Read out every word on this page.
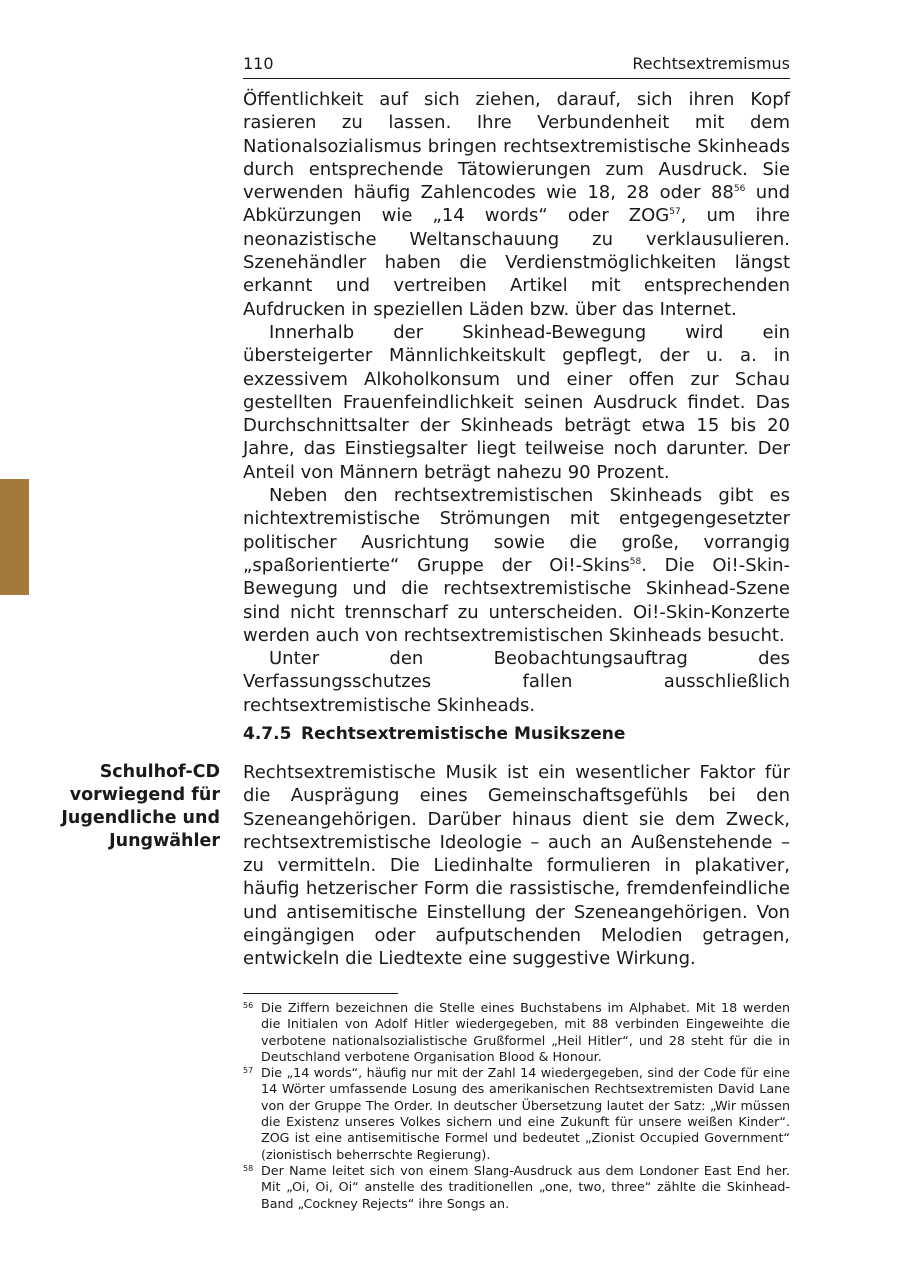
110	Rechtsextremismus

Öffentlichkeit auf sich ziehen, darauf, sich ihren Kopf rasieren zu lassen. Ihre Verbundenheit mit dem Nationalsozialismus bringen rechtsextremistische Skinheads durch entsprechende Tätowierungen zum Ausdruck. Sie verwenden häufig Zahlencodes wie 18, 28 oder $88^{56}$ und Abkürzungen wie „14 words“ oder ZOG$^{57}$, um ihre neonazistische Weltanschauung zu verklausulieren. Szenehändler haben die Verdienstmöglichkeiten längst erkannt und vertreiben Artikel mit entsprechenden Aufdrucken in speziellen Läden bzw. über das Internet.

Innerhalb der Skinhead-Bewegung wird ein übersteigerter Männlichkeitskult gepflegt, der u. a. in exzessivem Alkoholkonsum und einer offen zur Schau gestellten Frauenfeindlichkeit seinen Ausdruck findet. Das Durchschnittsalter der Skinheads beträgt etwa 15 bis 20 Jahre, das Einstiegsalter liegt teilweise noch darunter. Der Anteil von Männern beträgt nahezu 90 Prozent.

Neben den rechtsextremistischen Skinheads gibt es nichtextremistische Strömungen mit entgegengesetzter politischer Ausrichtung sowie die große, vorrangig „spaßorientierte“ Gruppe der Oi!-Skins$^{58}$. Die Oi!-Skin-Bewegung und die rechtsextremistische Skinhead-Szene sind nicht trennscharf zu unterscheiden. Oi!-Skin-Konzerte werden auch von rechtsextremistischen Skinheads besucht.

Unter den Beobachtungsauftrag des Verfassungsschutzes fallen ausschließlich rechtsextremistische Skinheads.

4.7.5 Rechtsextremistische Musikszene
Schulhof-CD vorwiegend für Jugendliche und Jungwähler

Rechtsextremistische Musik ist ein wesentlicher Faktor für die Ausprägung eines Gemeinschaftsgefühls bei den Szeneangehörigen. Darüber hinaus dient sie dem Zweck, rechtsextremistische Ideologie – auch an Außenstehende – zu vermitteln. Die Liedinhalte formulieren in plakativer, häufig hetzerischer Form die rassistische, fremdenfeindliche und antisemitische Einstellung der Szeneangehörigen. Von eingängigen oder aufputschenden Melodien getragen, entwickeln die Liedtexte eine suggestive Wirkung.

56 Die Ziffern bezeichnen die Stelle eines Buchstabens im Alphabet. Mit 18 werden die Initialen von Adolf Hitler wiedergegeben, mit 88 verbinden Eingeweihte die verbotene nationalsozialistische Grußformel „Heil Hitler“, und 28 steht für die in Deutschland verbotene Organisation Blood & Honour.
57 Die „14 words“, häufig nur mit der Zahl 14 wiedergegeben, sind der Code für eine 14 Wörter umfassende Losung des amerikanischen Rechtsextremisten David Lane von der Gruppe The Order. In deutscher Übersetzung lautet der Satz: „Wir müssen die Existenz unseres Volkes sichern und eine Zukunft für unsere weißen Kinder“. ZOG ist eine antisemitische Formel und bedeutet „Zionist Occupied Government“ (zionistisch beherrschte Regierung).
58 Der Name leitet sich von einem Slang-Ausdruck aus dem Londoner East End her. Mit „Oi, Oi, Oi“ anstelle des traditionellen „one, two, three“ zählte die Skinhead-Band „Cockney Rejects“ ihre Songs an.
